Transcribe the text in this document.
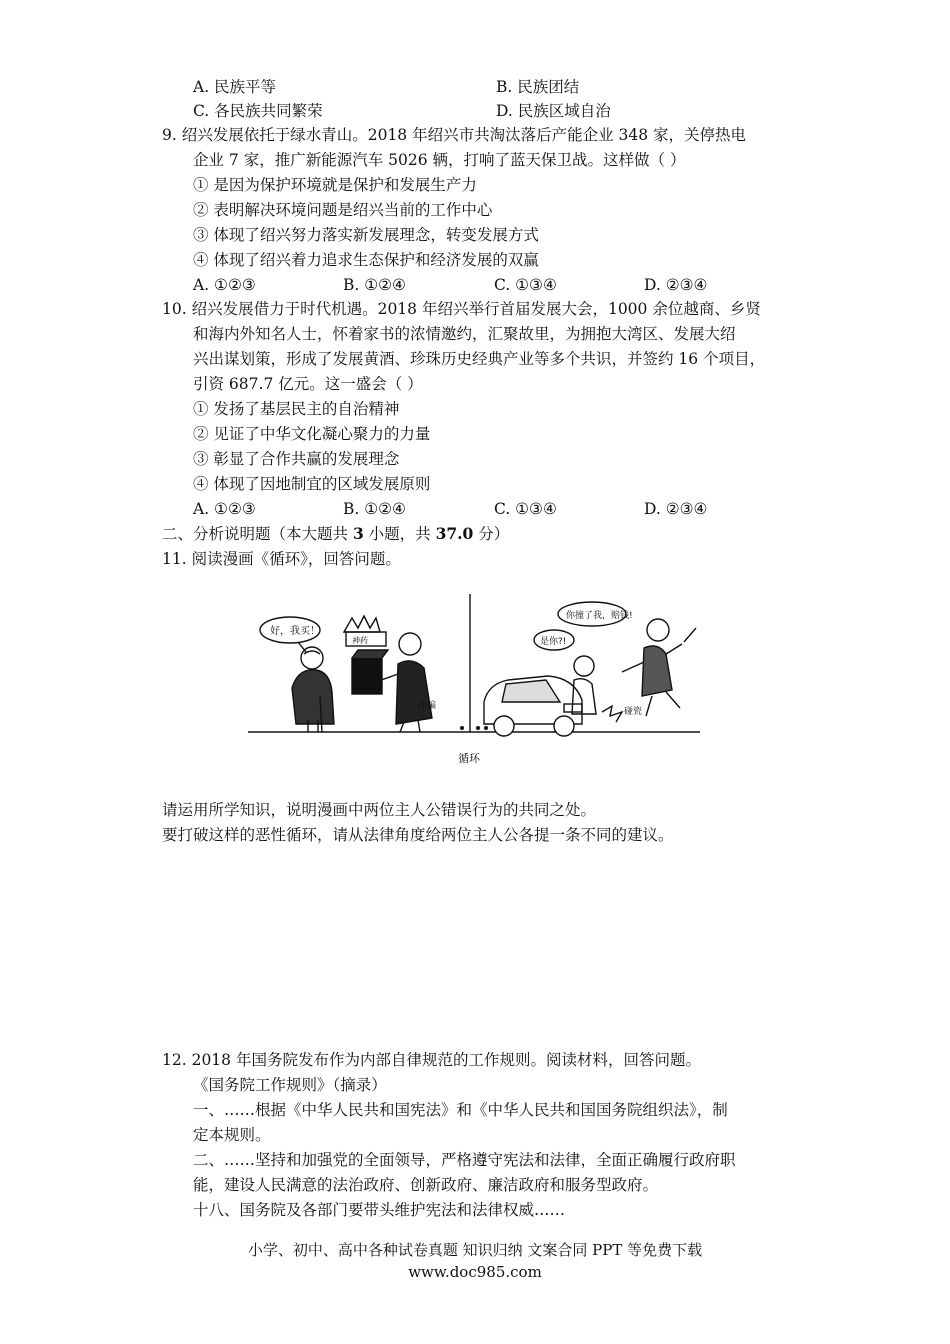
A. 民族平等	B. 民族团结
C. 各民族共同繁荣	D. 民族区域自治
9. 绍兴发展依托于绿水青山。2018 年绍兴市共淘汰落后产能企业 348 家，关停热电
企业 7 家，推广新能源汽车 5026 辆，打响了蓝天保卫战。这样做（ ）
① 是因为保护环境就是保护和发展生产力
② 表明解决环境问题是绍兴当前的工作中心
③ 体现了绍兴努力落实新发展理念，转变发展方式
④ 体现了绍兴着力追求生态保护和经济发展的双赢
A. ①②③	B. ①②④	C. ①③④	D. ②③④
10. 绍兴发展借力于时代机遇。2018 年绍兴举行首届发展大会，1000 余位越商、乡贤
和海内外知名人士，怀着家书的浓情邀约，汇聚故里，为拥抱大湾区、发展大绍
兴出谋划策，形成了发展黄酒、珍珠历史经典产业等多个共识，并签约 16 个项目，
引资 687.7 亿元。这一盛会（ ）
① 发扬了基层民主的自治精神
② 见证了中华文化凝心聚力的力量
③ 彰显了合作共赢的发展理念
④ 体现了因地制宜的区域发展原则
A. ①②③	B. ①②④	C. ①③④	D. ②③④
二、分析说明题（本大题共 3 小题，共 37.0 分）
11. 阅读漫画《循环》，回答问题。
好，我买！
神药
你撞了我，赔钱!
是你?!
作骗
碰瓷
循环
请运用所学知识，说明漫画中两位主人公错误行为的共同之处。
要打破这样的恶性循环，请从法律角度给两位主人公各提一条不同的建议。
12. 2018 年国务院发布作为内部自律规范的工作规则。阅读材料，回答问题。
《国务院工作规则》（摘录）
一、……根据《中华人民共和国宪法》和《中华人民共和国国务院组织法》，制
定本规则。
二、……坚持和加强党的全面领导，严格遵守宪法和法律，全面正确履行政府职
能，建设人民满意的法治政府、创新政府、廉洁政府和服务型政府。
十八、国务院及各部门要带头维护宪法和法律权威……
小学、初中、高中各种试卷真题 知识归纳 文案合同 PPT 等免费下载
www.doc985.com
